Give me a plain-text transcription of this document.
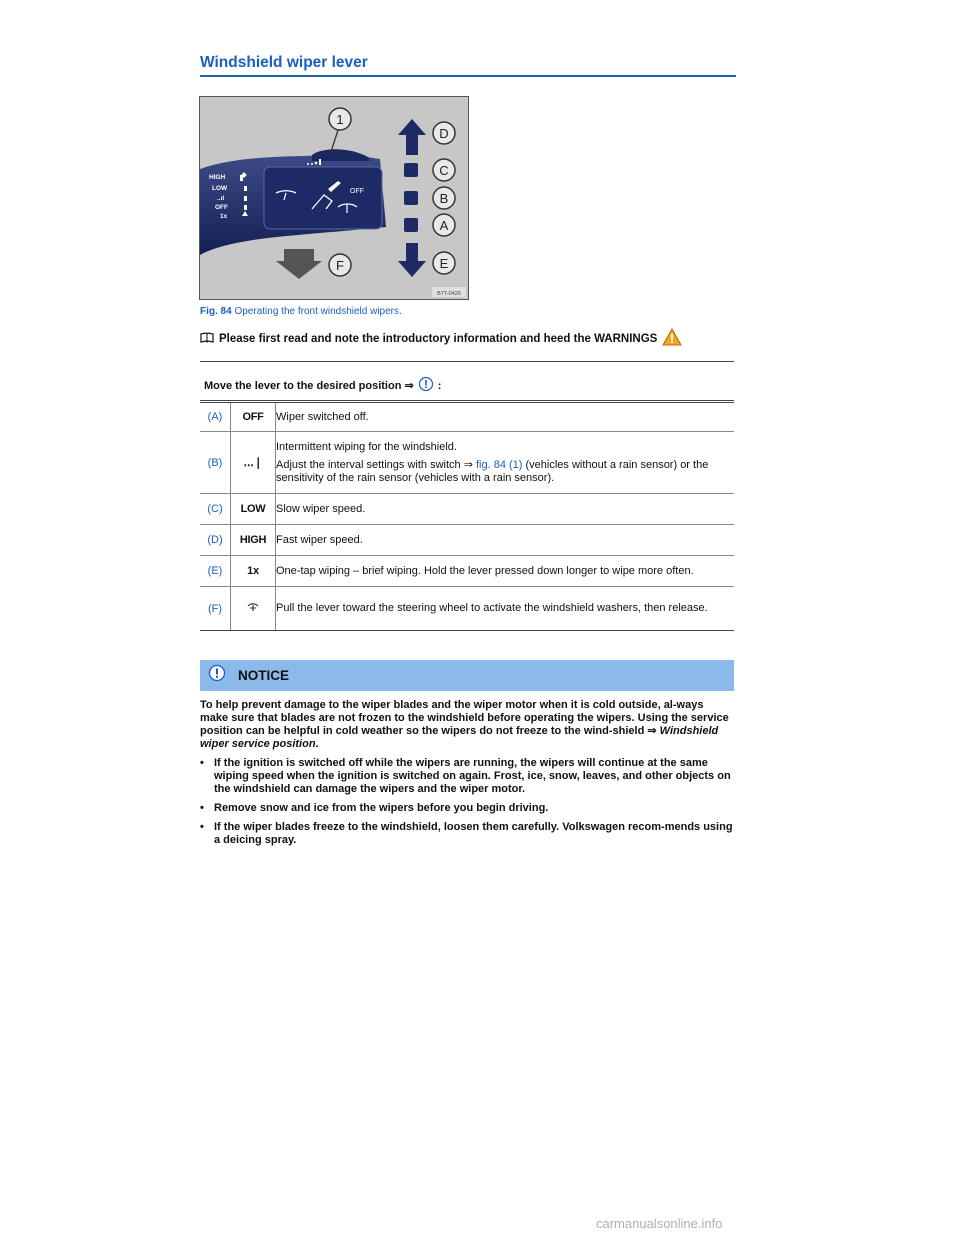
Windshield wiper lever
HIGH
LOW
..ıl
OFF
1x
OFF
1
D
C
B
A
E
F
B7T-0426
Fig. 84 Operating the front windshield wipers.
Please first read and note the introductory information and heed the WARNINGS
Move the lever to the desired position ⇒ :
(A)	OFF	Wiper switched off.

(B)	․․․❘	Intermittent wiping for the windshield.

Adjust the interval settings with switch ⇒ fig. 84 (1) (vehicles without a rain sensor) or the sensitivity of the rain sensor (vehicles with a rain sensor).

(C)	LOW	Slow wiper speed.

(D)	HIGH	Fast wiper speed.

(E)	1x	One-tap wiping – brief wiping. Hold the lever pressed down longer to wipe more often.

(F)		Pull the lever toward the steering wheel to activate the windshield washers, then release.

NOTICE

To help prevent damage to the wiper blades and the wiper motor when it is cold outside, al-ways make sure that blades are not frozen to the windshield before operating the wipers. Using the service position can be helpful in cold weather so the wipers do not freeze to the wind-shield ⇒ Windshield wiper service position.

• If the ignition is switched off while the wipers are running, the wipers will continue at the same wiping speed when the ignition is switched on again. Frost, ice, snow, leaves, and other objects on the windshield can damage the wipers and the wiper motor.
• Remove snow and ice from the wipers before you begin driving.
• If the wiper blades freeze to the windshield, loosen them carefully. Volkswagen recom-mends using a deicing spray.
carmanualsonline.info
